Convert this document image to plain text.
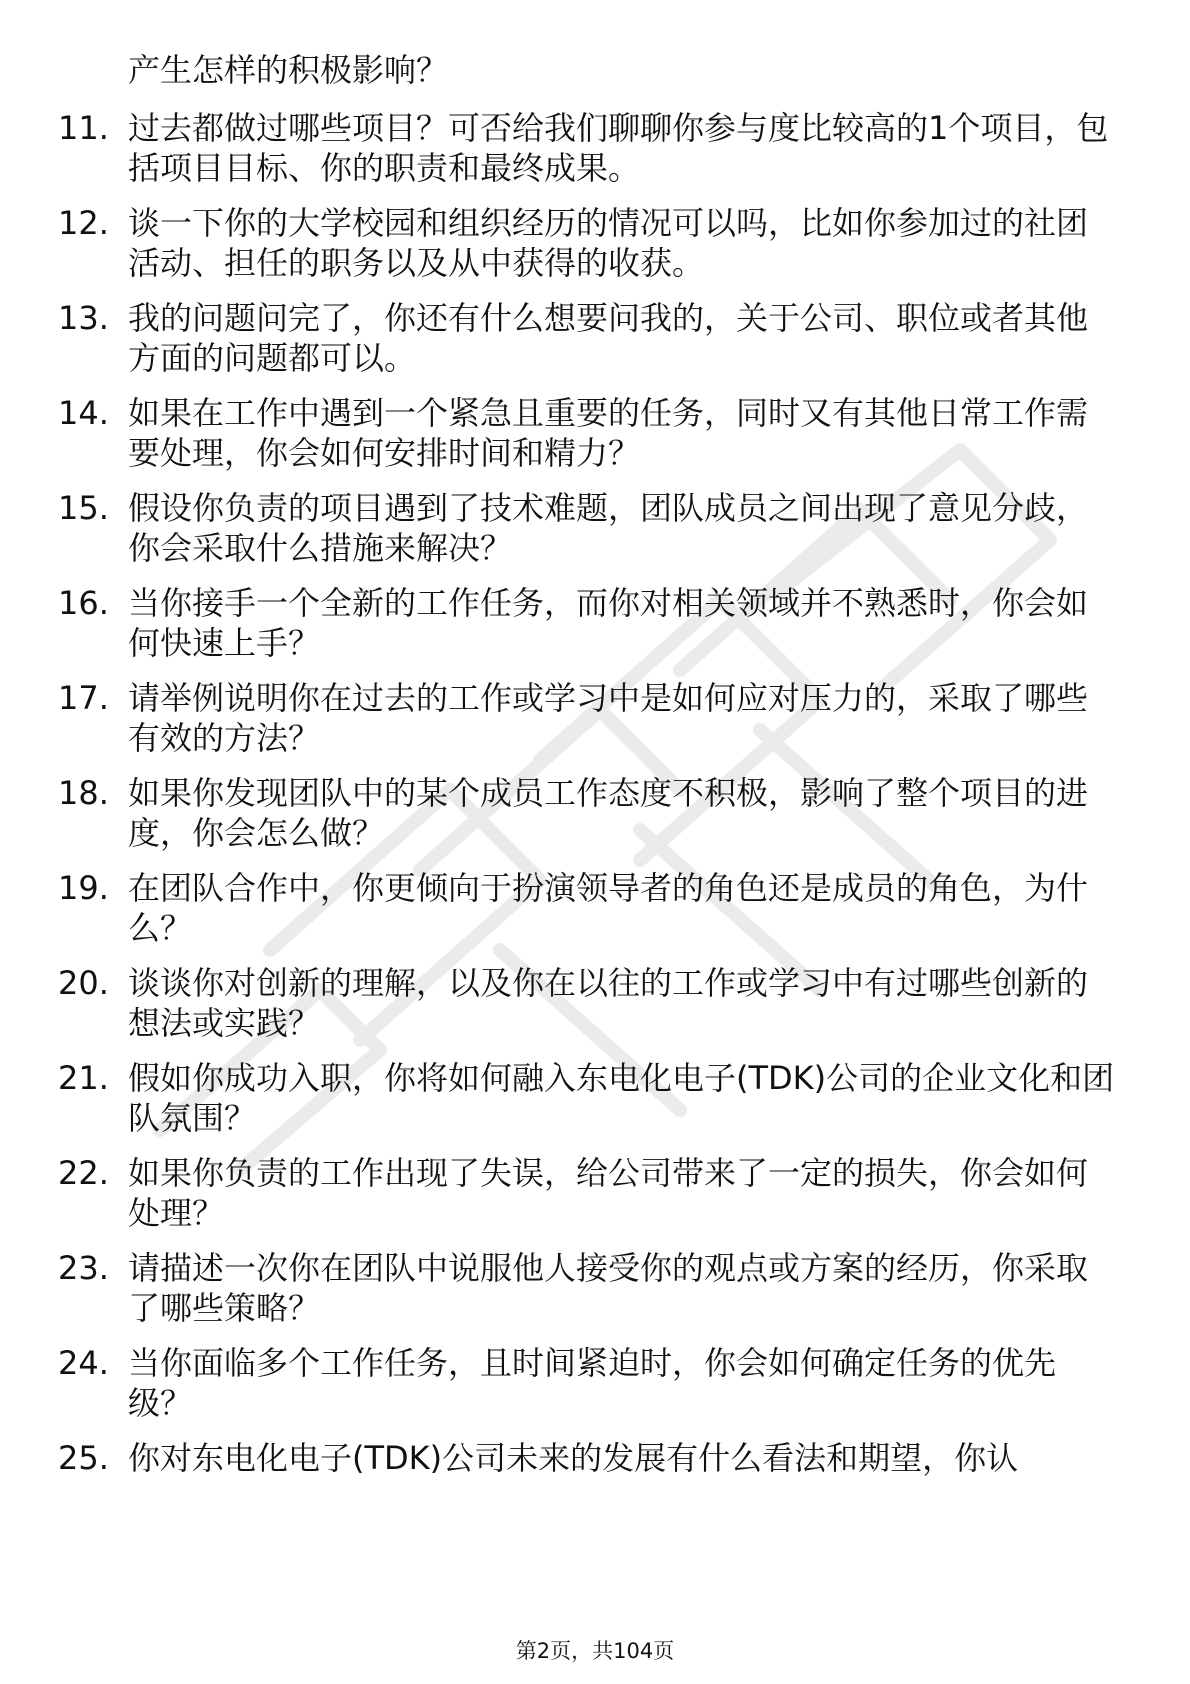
产生怎样的积极影响？

11. 过去都做过哪些项目？可否给我们聊聊你参与度比较高的1个项目，包括项目目标、你的职责和最终成果。

12. 谈一下你的大学校园和组织经历的情况可以吗，比如你参加过的社团活动、担任的职务以及从中获得的收获。

13. 我的问题问完了，你还有什么想要问我的，关于公司、职位或者其他方面的问题都可以。

14. 如果在工作中遇到一个紧急且重要的任务，同时又有其他日常工作需要处理，你会如何安排时间和精力？

15. 假设你负责的项目遇到了技术难题，团队成员之间出现了意见分歧，你会采取什么措施来解决？

16. 当你接手一个全新的工作任务，而你对相关领域并不熟悉时，你会如何快速上手？

17. 请举例说明你在过去的工作或学习中是如何应对压力的，采取了哪些有效的方法？

18. 如果你发现团队中的某个成员工作态度不积极，影响了整个项目的进度，你会怎么做？

19. 在团队合作中，你更倾向于扮演领导者的角色还是成员的角色，为什么？

20. 谈谈你对创新的理解，以及你在以往的工作或学习中有过哪些创新的想法或实践？

21. 假如你成功入职，你将如何融入东电化电子(TDK)公司的企业文化和团队氛围？

22. 如果你负责的工作出现了失误，给公司带来了一定的损失，你会如何处理？

23. 请描述一次你在团队中说服他人接受你的观点或方案的经历，你采取了哪些策略？

24. 当你面临多个工作任务，且时间紧迫时，你会如何确定任务的优先级？

25. 你对东电化电子(TDK)公司未来的发展有什么看法和期望，你认

第2页，共104页
